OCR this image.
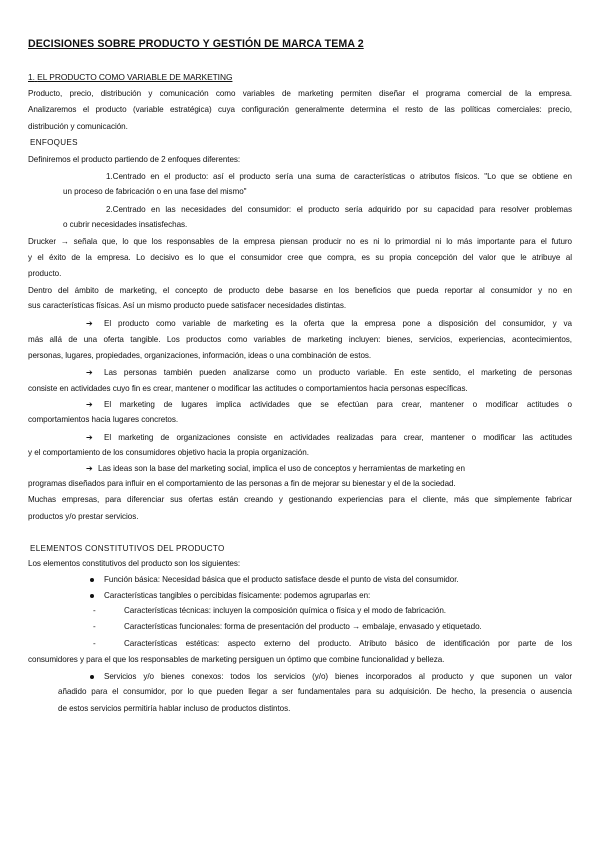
DECISIONES SOBRE PRODUCTO Y GESTIÓN DE MARCA TEMA 2
1. EL PRODUCTO COMO VARIABLE DE MARKETING
Producto, precio, distribución y comunicación como variables de marketing permiten diseñar el programa comercial de la empresa.
Analizaremos el producto (variable estratégica) cuya configuración generalmente determina el resto de las políticas comerciales: precio,
distribución y comunicación.
ENFOQUES
Definiremos el producto partiendo de 2 enfoques diferentes:
1.Centrado en el producto: así el producto sería una suma de características o atributos físicos. "Lo que se obtiene en
un proceso de fabricación o en una fase del mismo"
2.Centrado en las necesidades del consumidor: el producto sería adquirido por su capacidad para resolver problemas
o cubrir necesidades insatisfechas.
Drucker → señala que, lo que los responsables de la empresa piensan producir no es ni lo primordial ni lo más importante para el futuro
y el éxito de la empresa. Lo decisivo es lo que el consumidor cree que compra, es su propia concepción del valor que le atribuye al
producto.
Dentro del ámbito de marketing, el concepto de producto debe basarse en los beneficios que pueda reportar al consumidor y no en
sus características físicas. Así un mismo producto puede satisfacer necesidades distintas.
➔ El producto como variable de marketing es la oferta que la empresa pone a disposición del consumidor, y va
más allá de una oferta tangible. Los productos como variables de marketing incluyen: bienes, servicios, experiencias, acontecimientos,
personas, lugares, propiedades, organizaciones, información, ideas o una combinación de estos.
➔ Las personas también pueden analizarse como un producto variable. En este sentido, el marketing de personas
consiste en actividades cuyo fin es crear, mantener o modificar las actitudes o comportamientos hacia personas específicas.
➔ El marketing de lugares implica actividades que se efectúan para crear, mantener o modificar actitudes o
comportamientos hacia lugares concretos.
➔ El marketing de organizaciones consiste en actividades realizadas para crear, mantener o modificar las actitudes
y el comportamiento de los consumidores objetivo hacia la propia organización.
➔ Las ideas son la base del marketing social, implica el uso de conceptos y herramientas de marketing en
programas diseñados para influir en el comportamiento de las personas a fin de mejorar su bienestar y el de la sociedad.
Muchas empresas, para diferenciar sus ofertas están creando y gestionando experiencias para el cliente, más que simplemente fabricar
productos y/o prestar servicios.
ELEMENTOS CONSTITUTIVOS DEL PRODUCTO
Los elementos constitutivos del producto son los siguientes:
Función básica: Necesidad básica que el producto satisface desde el punto de vista del consumidor.
Características tangibles o percibidas físicamente: podemos agruparlas en:
-	Características técnicas: incluyen la composición química o física y el modo de fabricación.
-	Características funcionales: forma de presentación del producto → embalaje, envasado y etiquetado.
-	Características estéticas: aspecto externo del producto. Atributo básico de identificación por parte de los
consumidores y para el que los responsables de marketing persiguen un óptimo que combine funcionalidad y belleza.
Servicios y/o bienes conexos: todos los servicios (y/o) bienes incorporados al producto y que suponen un valor
añadido para el consumidor, por lo que pueden llegar a ser fundamentales para su adquisición. De hecho, la presencia o ausencia
de estos servicios permitiría hablar incluso de productos distintos.
